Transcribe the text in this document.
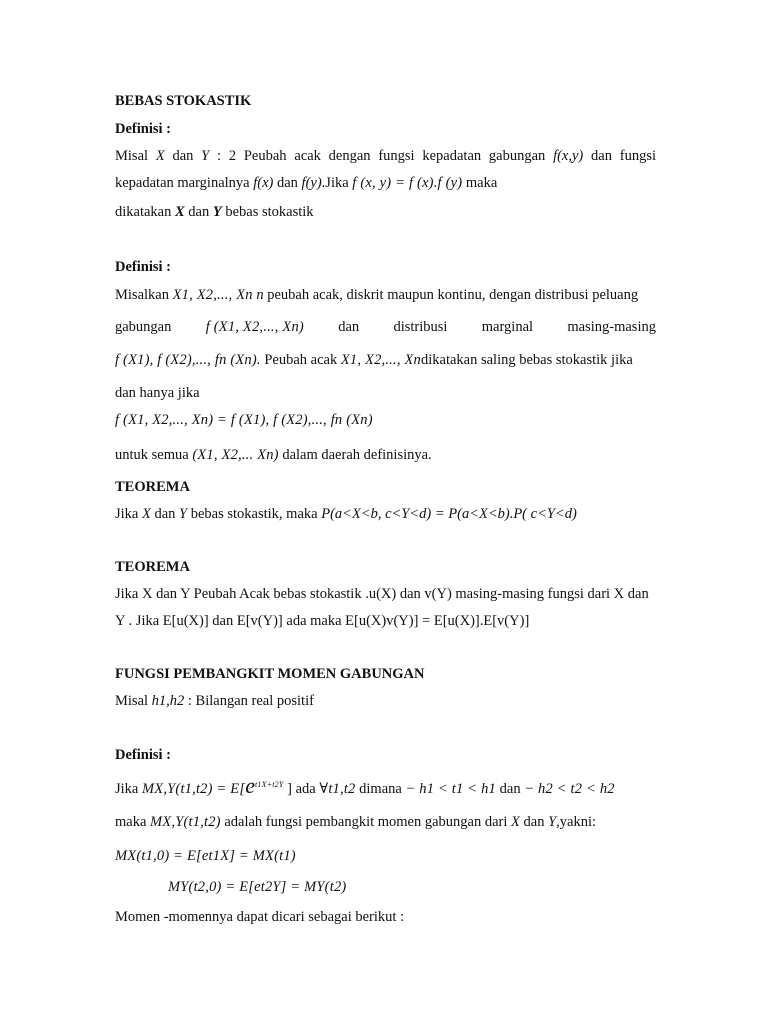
BEBAS STOKASTIK
Definisi :
Misal X dan Y : 2 Peubah acak dengan fungsi kepadatan gabungan f(x,y) dan fungsi
kepadatan marginalnya f(x) dan f(y).Jika f (x, y) = f (x).f (y) maka
dikatakan X dan Y bebas stokastik
Definisi :
Misalkan X1, X2,..., Xn n peubah acak, diskrit maupun kontinu, dengan distribusi peluang
gabungan f (X1, X2,..., Xn) dan distribusi marginal masing-masing
f (X1), f (X2),..., fn (Xn). Peubah acak X1, X2,..., Xndikatakan saling bebas stokastik jika
dan hanya jika
f (X1, X2,..., Xn) = f (X1), f (X2),..., fn (Xn)
untuk semua (X1, X2,... Xn) dalam daerah definisinya.
TEOREMA
Jika X dan Y bebas stokastik, maka P(a<X<b, c<Y<d) = P(a<X<b).P( c<Y<d)
TEOREMA
Jika X dan Y Peubah Acak bebas stokastik .u(X) dan v(Y) masing-masing fungsi dari X dan
Y . Jika E[u(X)] dan E[v(Y)] ada maka E[u(X)v(Y)] = E[u(X)].E[v(Y)]
FUNGSI PEMBANGKIT MOMEN GABUNGAN
Misal h1,h2 : Bilangan real positif
Definisi :
Jika $MX,Y(t1,t2) = E[e^{t1X+t2Y}$ ] ada ∀t1,t2 dimana − h1 < t1 < h1 dan − h2 < t2 < h2
maka MX,Y(t1,t2) adalah fungsi pembangkit momen gabungan dari X dan Y,yakni:
MX(t1,0) = E[et1X] = MX(t1)
MY(t2,0) = E[et2Y] = MY(t2)
Momen -momennya dapat dicari sebagai berikut :
